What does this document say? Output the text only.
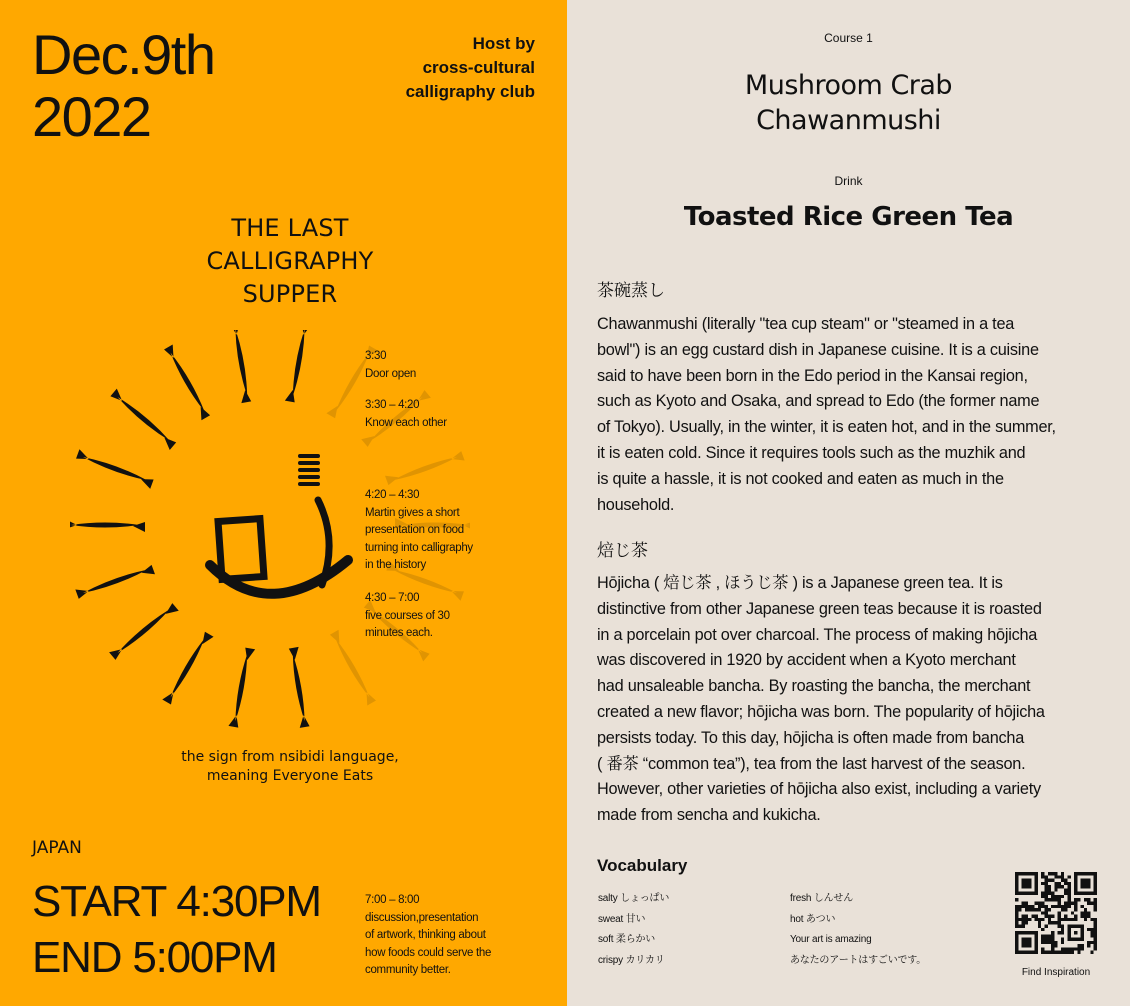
Dec.9th
2022
Host by
cross-cultural
calligraphy club
THE LAST
CALLIGRAPHY
SUPPER
the sign from nsibidi language,
meaning Everyone Eats
JAPAN
START 4:30PM
END 5:00PM
3:30
Door open
3:30 – 4:20
Know each other
4:20 – 4:30
Martin gives a short
presentation on food
turning into calligraphy
in the history
4:30 – 7:00
five courses of 30
minutes each.
7:00 – 8:00
discussion,presentation
of artwork, thinking about
how foods could serve the
community better.
Course 1
Mushroom Crab
Chawanmushi
Drink
Toasted Rice Green Tea
茶碗蒸し
Chawanmushi (literally "tea cup steam" or "steamed in a tea
bowl") is an egg custard dish in Japanese cuisine. It is a cuisine
said to have been born in the Edo period in the Kansai region,
such as Kyoto and Osaka, and spread to Edo (the former name
of Tokyo). Usually, in the winter, it is eaten hot, and in the summer,
it is eaten cold. Since it requires tools such as the muzhik and
is quite a hassle, it is not cooked and eaten as much in the
household.
焙じ茶
Hōjicha ( 焙じ茶 , ほうじ茶 ) is a Japanese green tea. It is
distinctive from other Japanese green teas because it is roasted
in a porcelain pot over charcoal. The process of making hōjicha
was discovered in 1920 by accident when a Kyoto merchant
had unsaleable bancha. By roasting the bancha, the merchant
created a new flavor; hōjicha was born. The popularity of hōjicha
persists today. To this day, hōjicha is often made from bancha
( 番茶 “common tea”), tea from the last harvest of the season.
However, other varieties of hōjicha also exist, including a variety
made from sencha and kukicha.
Vocabulary
salty しょっぱい
sweat 甘い
soft 柔らかい
crispy カリカリ
fresh しんせん
hot あつい
Your art is amazing
あなたのアートはすごいです。
Find Inspiration
